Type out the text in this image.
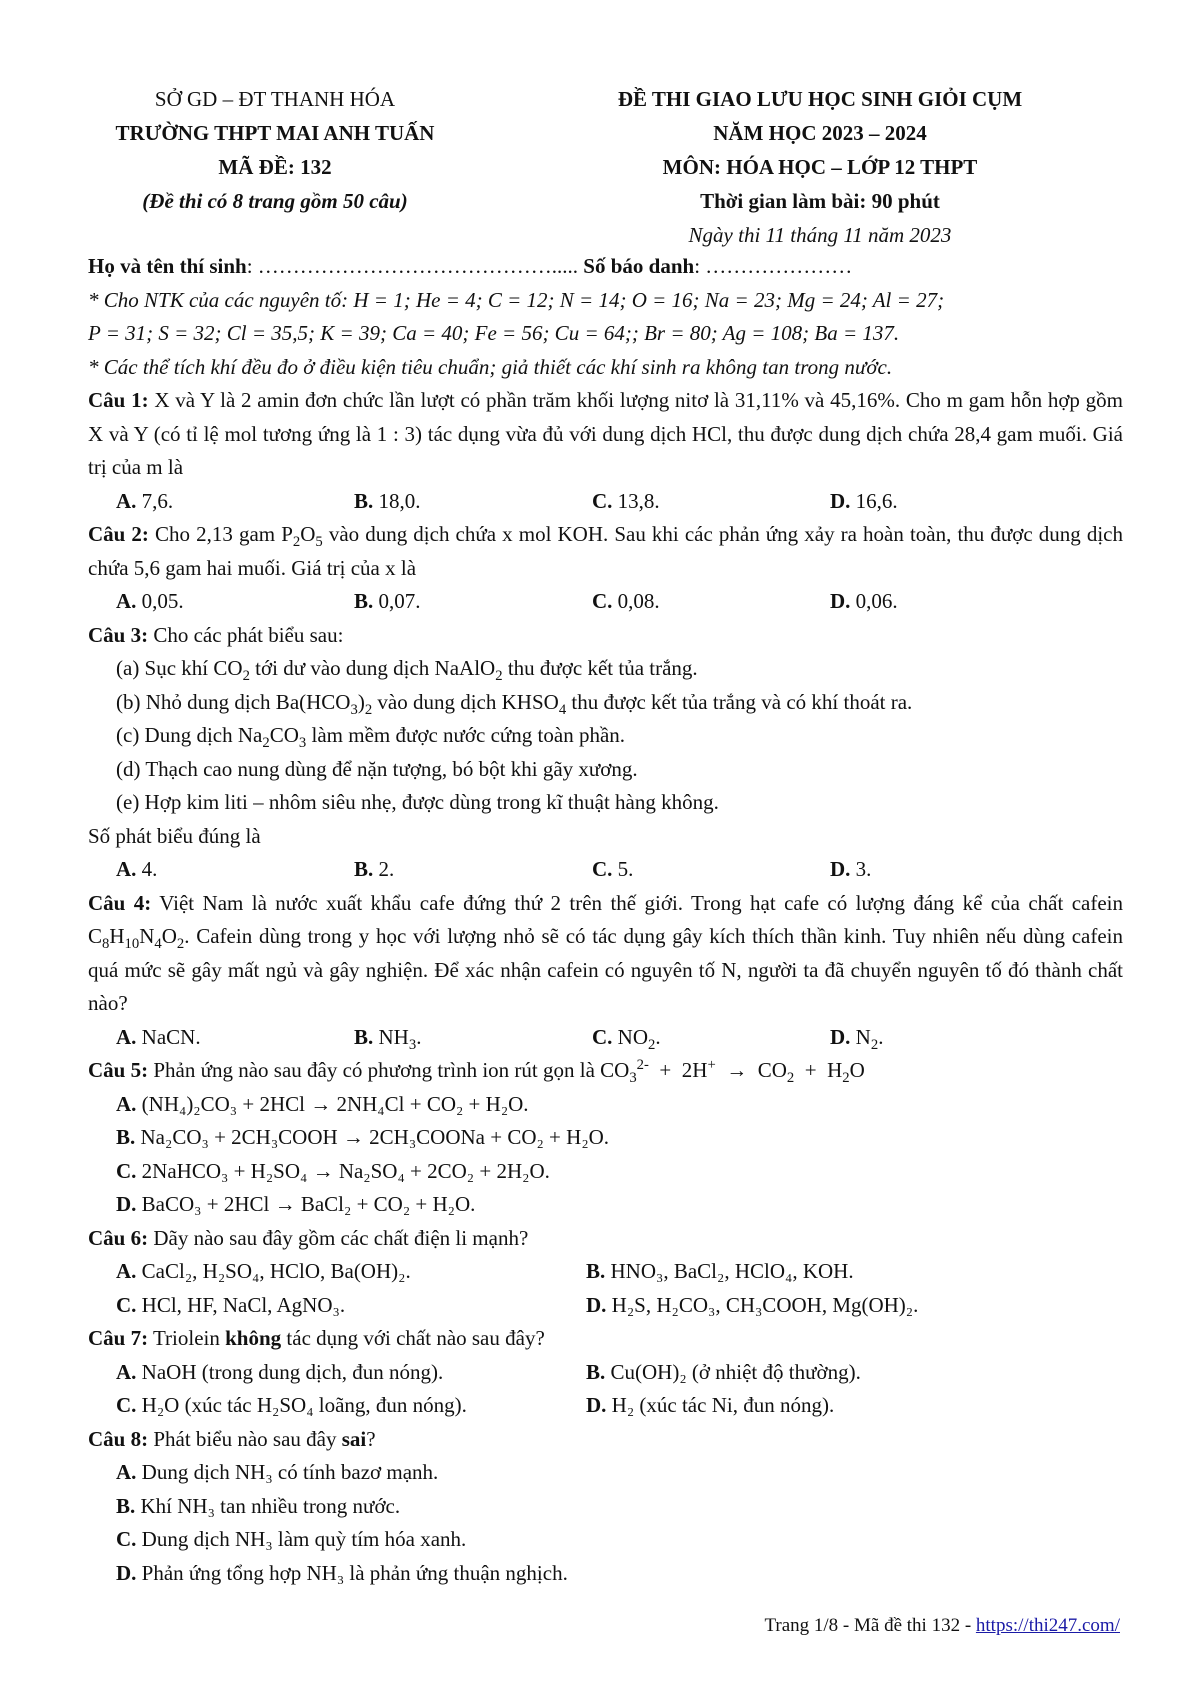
SỞ GD – ĐT THANH HÓA
TRƯỜNG THPT MAI ANH TUẤN
MÃ ĐỀ: 132
(Đề thi có 8 trang gồm 50 câu)
ĐỀ THI GIAO LƯU HỌC SINH GIỎI CỤM
NĂM HỌC 2023 – 2024
MÔN: HÓA HỌC – LỚP 12 THPT
Thời gian làm bài: 90 phút
Ngày thi 11 tháng 11 năm 2023
Họ và tên thí sinh: ……………………………………..... Số báo danh: …………………
* Cho NTK của các nguyên tố: H = 1; He = 4; C = 12; N = 14; O = 16; Na = 23; Mg = 24; Al = 27;
P = 31; S = 32; Cl = 35,5; K = 39; Ca = 40; Fe = 56; Cu = 64;; Br = 80; Ag = 108; Ba = 137.
* Các thể tích khí đều đo ở điều kiện tiêu chuẩn; giả thiết các khí sinh ra không tan trong nước.
Câu 1: X và Y là 2 amin đơn chức lần lượt có phần trăm khối lượng nitơ là 31,11% và 45,16%. Cho m gam hỗn hợp gồm X và Y (có tỉ lệ mol tương ứng là 1 : 3) tác dụng vừa đủ với dung dịch HCl, thu được dung dịch chứa 28,4 gam muối. Giá trị của m là
A. 7,6.	B. 18,0.	C. 13,8.	D. 16,6.
Câu 2: Cho 2,13 gam $P_2O_5$ vào dung dịch chứa x mol KOH. Sau khi các phản ứng xảy ra hoàn toàn, thu được dung dịch chứa 5,6 gam hai muối. Giá trị của x là
A. 0,05.	B. 0,07.	C. 0,08.	D. 0,06.
Câu 3: Cho các phát biểu sau:
(a) Sục khí $CO_2$ tới dư vào dung dịch NaAlO$_2$ thu được kết tủa trắng.
(b) Nhỏ dung dịch $Ba(HCO_3)_2$ vào dung dịch $KHSO_4$ thu được kết tủa trắng và có khí thoát ra.
(c) Dung dịch $Na_2CO_3$ làm mềm được nước cứng toàn phần.
(d) Thạch cao nung dùng để nặn tượng, bó bột khi gãy xương.
(e) Hợp kim liti – nhôm siêu nhẹ, được dùng trong kĩ thuật hàng không.
Số phát biểu đúng là
A. 4.	B. 2.	C. 5.	D. 3.
Câu 4: Việt Nam là nước xuất khẩu cafe đứng thứ 2 trên thế giới. Trong hạt cafe có lượng đáng kể của chất cafein $C_8H_{10}N_4O_2$. Cafein dùng trong y học với lượng nhỏ sẽ có tác dụng gây kích thích thần kinh. Tuy nhiên nếu dùng cafein quá mức sẽ gây mất ngủ và gây nghiện. Để xác nhận cafein có nguyên tố N, người ta đã chuyển nguyên tố đó thành chất nào?
A. NaCN.	B. $NH_3$.	C. $NO_2$.	D. $N_2$.
Câu 5: Phản ứng nào sau đây có phương trình ion rút gọn là $CO_3^{2-} + 2H^+ \to CO_2 + H_2O$
A. (NH₄)₂CO₃ + 2HCl → 2NH₄Cl + CO₂ + H₂O.
B. Na₂CO₃ + 2CH₃COOH → 2CH₃COONa + CO₂ + H₂O.
C. 2NaHCO₃ + H₂SO₄ → Na₂SO₄ + 2CO₂ + 2H₂O.
D. BaCO₃ + 2HCl → BaCl₂ + CO₂ + H₂O.
Câu 6: Dãy nào sau đây gồm các chất điện li mạnh?
A. CaCl₂, H₂SO₄, HClO, Ba(OH)₂.	B. HNO₃, BaCl₂, HClO₄, KOH.
C. HCl, HF, NaCl, AgNO₃.	D. H₂S, H₂CO₃, CH₃COOH, Mg(OH)₂.
Câu 7: Triolein không tác dụng với chất nào sau đây?
A. NaOH (trong dung dịch, đun nóng).	B. Cu(OH)₂ (ở nhiệt độ thường).
C. H₂O (xúc tác H₂SO₄ loãng, đun nóng).	D. H₂ (xúc tác Ni, đun nóng).
Câu 8: Phát biểu nào sau đây sai?
A. Dung dịch NH₃ có tính bazơ mạnh.
B. Khí NH₃ tan nhiều trong nước.
C. Dung dịch NH₃ làm quỳ tím hóa xanh.
D. Phản ứng tổng hợp NH₃ là phản ứng thuận nghịch.
Trang 1/8 - Mã đề thi 132 - https://thi247.com/
